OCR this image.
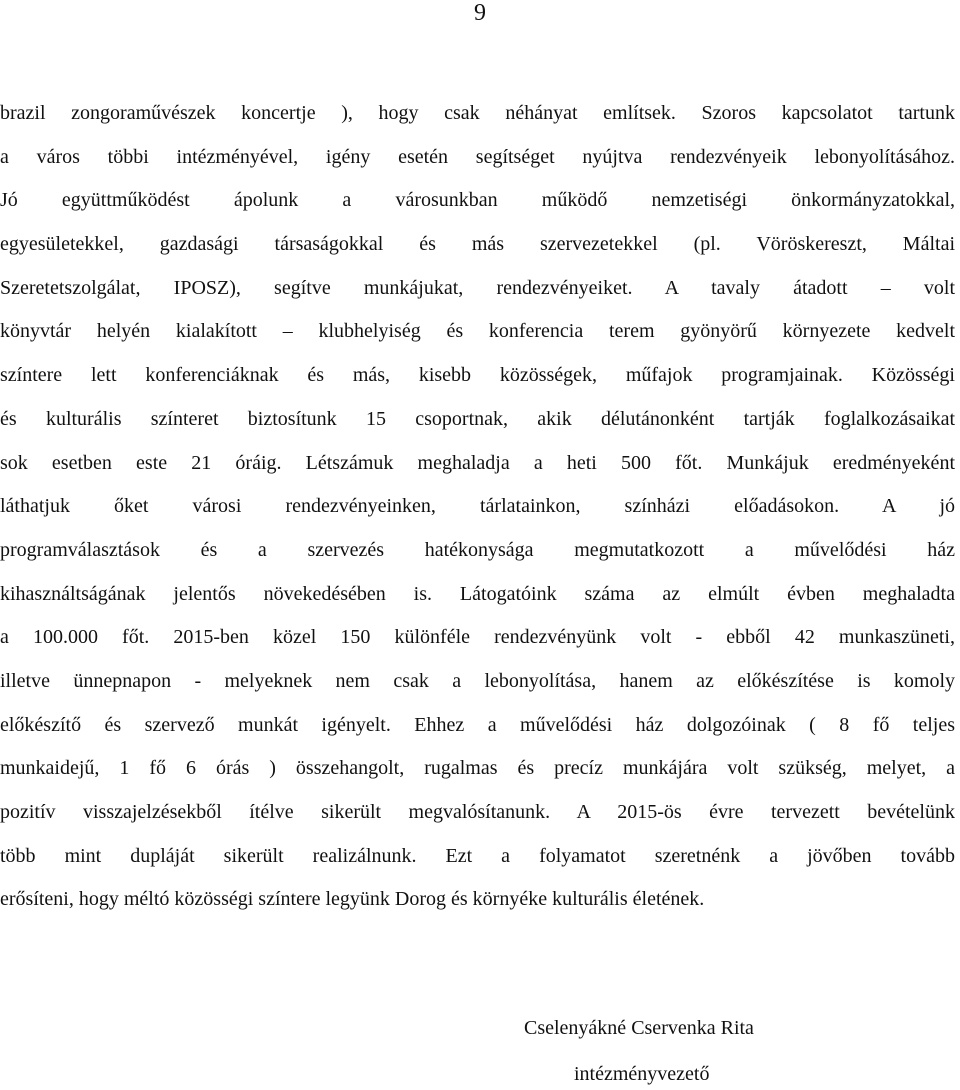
9
brazil zongoraművészek koncertje ), hogy csak néhányat említsek. Szoros kapcsolatot tartunk
a város többi intézményével, igény esetén segítséget nyújtva rendezvényeik lebonyolításához.
Jó együttműködést ápolunk a városunkban működő nemzetiségi önkormányzatokkal,
egyesületekkel, gazdasági társaságokkal és más szervezetekkel (pl. Vöröskereszt, Máltai
Szeretetszolgálat, IPOSZ), segítve munkájukat, rendezvényeiket. A tavaly átadott – volt
könyvtár helyén kialakított – klubhelyiség és konferencia terem gyönyörű környezete kedvelt
színtere lett konferenciáknak és más, kisebb közösségek, műfajok programjainak. Közösségi
és kulturális színteret biztosítunk 15 csoportnak, akik délutánonként tartják foglalkozásaikat
sok esetben este 21 óráig. Létszámuk meghaladja a heti 500 főt. Munkájuk eredményeként
láthatjuk őket városi rendezvényeinken, tárlatainkon, színházi előadásokon. A jó
programválasztások és a szervezés hatékonysága megmutatkozott a művelődési ház
kihasználtságának jelentős növekedésében is. Látogatóink száma az elmúlt évben meghaladta
a 100.000 főt. 2015-ben közel 150 különféle rendezvényünk volt - ebből 42 munkaszüneti,
illetve ünnepnapon - melyeknek nem csak a lebonyolítása, hanem az előkészítése is komoly
előkészítő és szervező munkát igényelt. Ehhez a művelődési ház dolgozóinak ( 8 fő teljes
munkaidejű, 1 fő 6 órás ) összehangolt, rugalmas és precíz munkájára volt szükség, melyet, a
pozitív visszajelzésekből ítélve sikerült megvalósítanunk. A 2015-ös évre tervezett bevételünk
több mint dupláját sikerült realizálnunk. Ezt a folyamatot szeretnénk a jövőben tovább
erősíteni, hogy méltó közösségi színtere legyünk Dorog és környéke kulturális életének.
Cselenyákné Cservenka Rita
intézményvezető
